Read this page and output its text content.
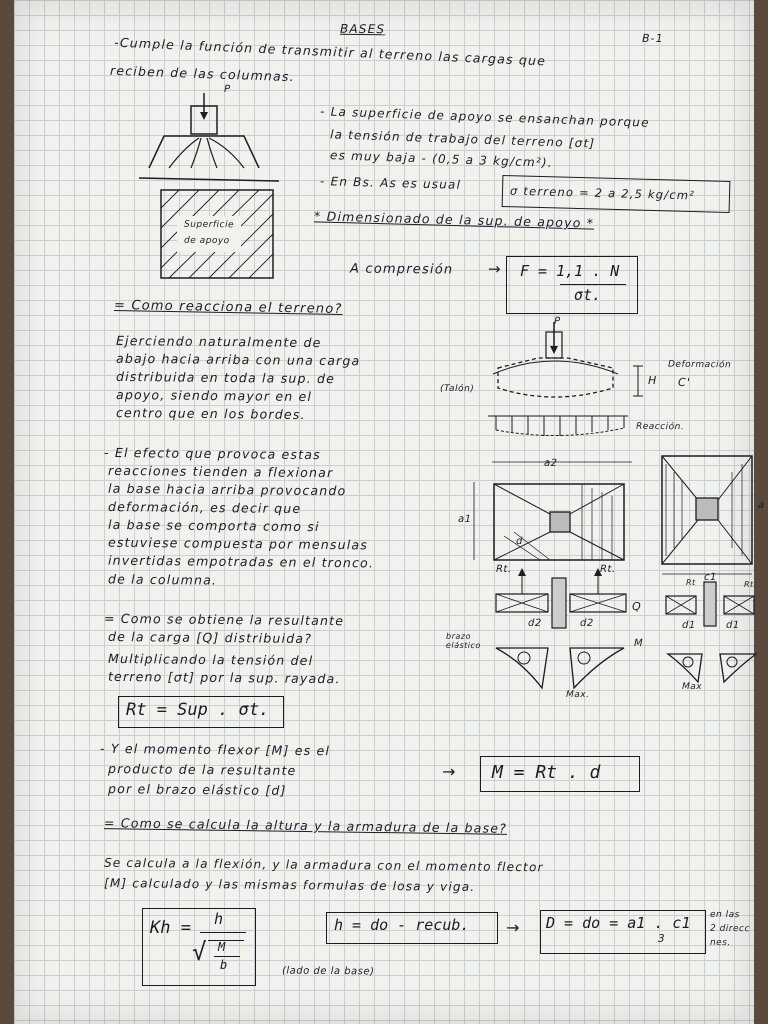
BASES
B-1
-Cumple la función de transmitir al terreno las cargas que
reciben de las columnas.
P
Superficie
de apoyo
- La superficie de apoyo se ensanchan porque
la tensión de trabajo del terreno [σt]
es muy baja - (0,5 a 3 kg/cm²).
- En Bs. As es usual
σ terreno = 2 a 2,5 kg/cm²
* Dimensionado de la sup. de apoyo *
A compresión → F = 1,1 . N
σt.
= Como reacciona el terreno?
Ejerciendo naturalmente de
abajo hacia arriba con una carga
distribuida en toda la sup. de
apoyo, siendo mayor en el
centro que en los bordes.
P
Deformación
(Talón)
H C'
Reacción.
- El efecto que provoca estas
reacciones tienden a flexionar
la base hacia arriba provocando
deformación, es decir que
la base se comporta como si
estuviese compuesta por mensulas
invertidas empotradas en el tronco.
de la columna.
a2
a1
d
a
c1
Rt.	Rt.
Rt	Rt.
Q
d2	d2	d1	d1
brazo elástico	M
Max.
Max
= Como se obtiene la resultante
de la carga [Q] distribuida?
Multiplicando la tensión del
terreno [σt] por la sup. rayada.
Rt = Sup . σt.
- Y el momento flexor [M] es el
producto de la resultante
por el brazo elástico [d]
→ M = Rt . d
= Como se calcula la altura y la armadura de la base?
Se calcula a la flexión, y la armadura con el momento flector
[M] calculado y las mismas formulas de losa y viga.
Kh = h
√ M
b	(lado de la base)
h = do - recub. → D = do = a1 . c1
3
en las
2 direcc
nes.
